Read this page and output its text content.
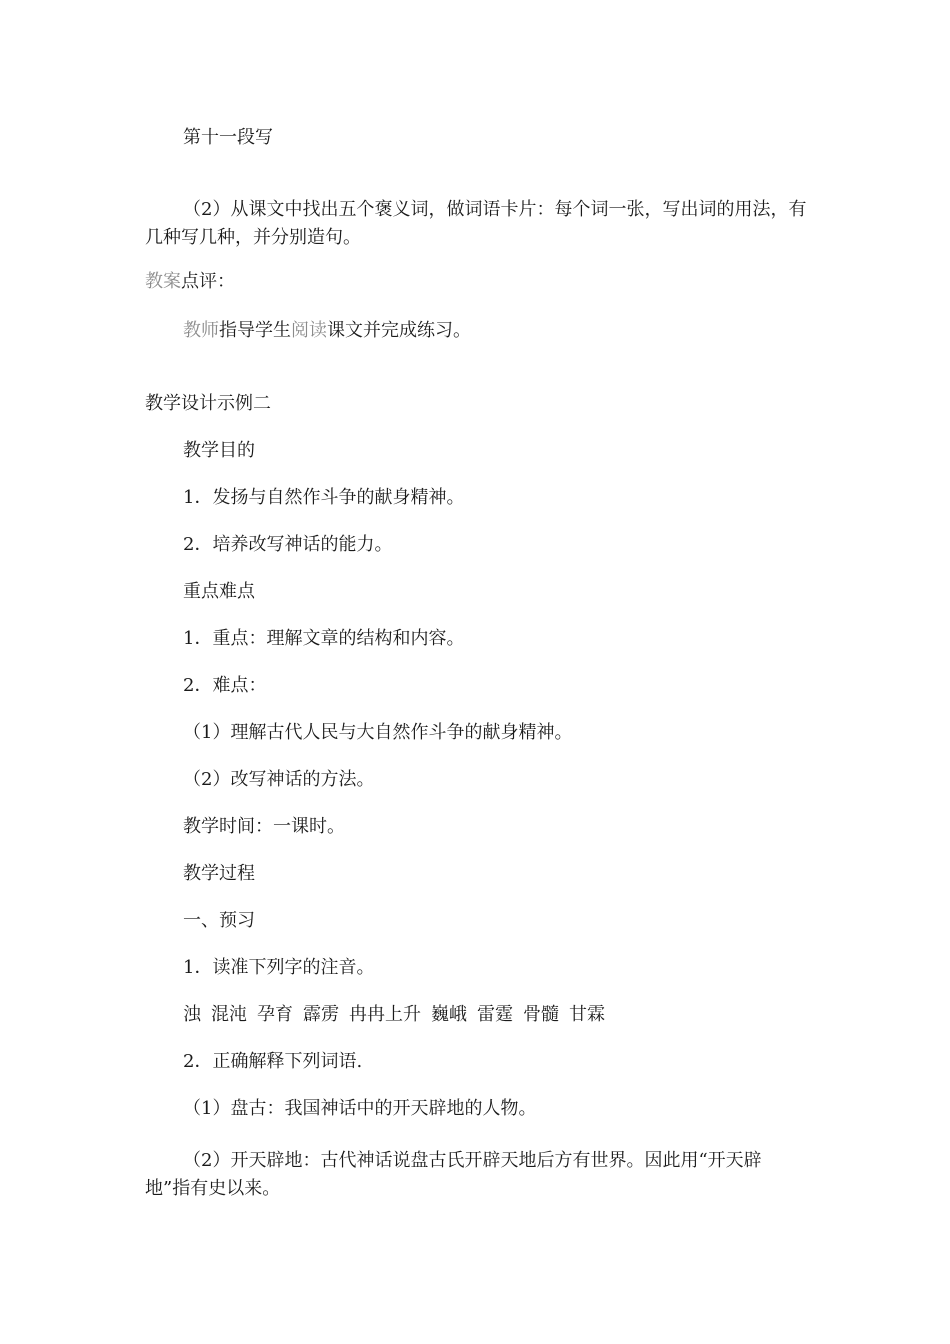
第十一段写

（2）从课文中找出五个褒义词，做词语卡片：每个词一张，写出词的用法，有

几种写几种，并分别造句。

教案点评：

教师指导学生阅读课文并完成练习。

教学设计示例二

教学目的

1．发扬与自然作斗争的献身精神。

2．培养改写神话的能力。

重点难点

1．重点：理解文章的结构和内容。

2．难点：

（1）理解古代人民与大自然作斗争的献身精神。

（2）改写神话的方法。

教学时间：一课时。

教学过程

一、预习

1．读准下列字的注音。

浊 混沌 孕育 霹雳 冉冉上升 巍峨 雷霆 骨髓 甘霖

2．正确解释下列词语.

（1）盘古：我国神话中的开天辟地的人物。

（2）开天辟地：古代神话说盘古氏开辟天地后方有世界。因此用“开天辟

地”指有史以来。
